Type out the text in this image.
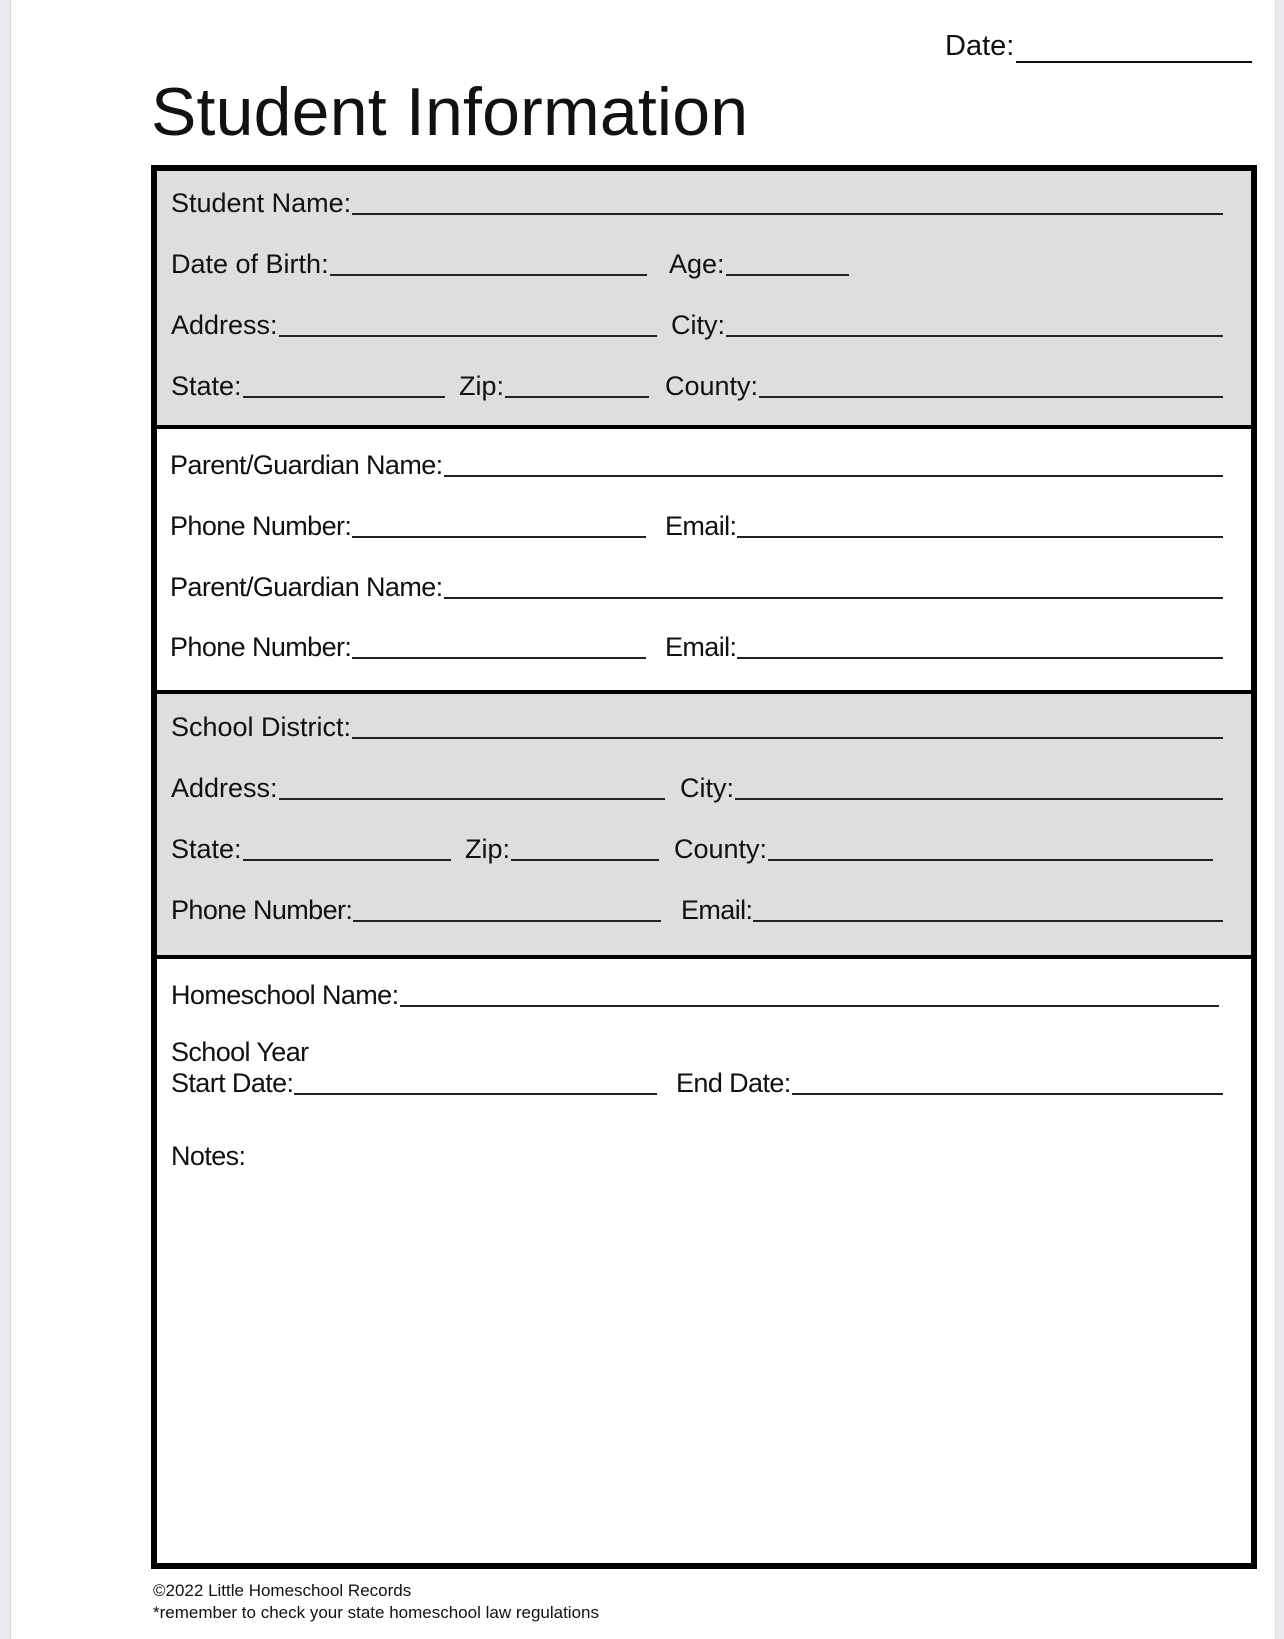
Date:
Student Information
Student Name:
Date of Birth:	Age:
Address:	City:
State:	Zip:	County:
Parent/Guardian Name:
Phone Number:	Email:
Parent/Guardian Name:
Phone Number:	Email:
School District:
Address:	City:
State:	Zip:	County:
Phone Number:	Email:
Homeschool Name:
School Year
Start Date:	End Date:
Notes:
©2022 Little Homeschool Records
*remember to check your state homeschool law regulations
